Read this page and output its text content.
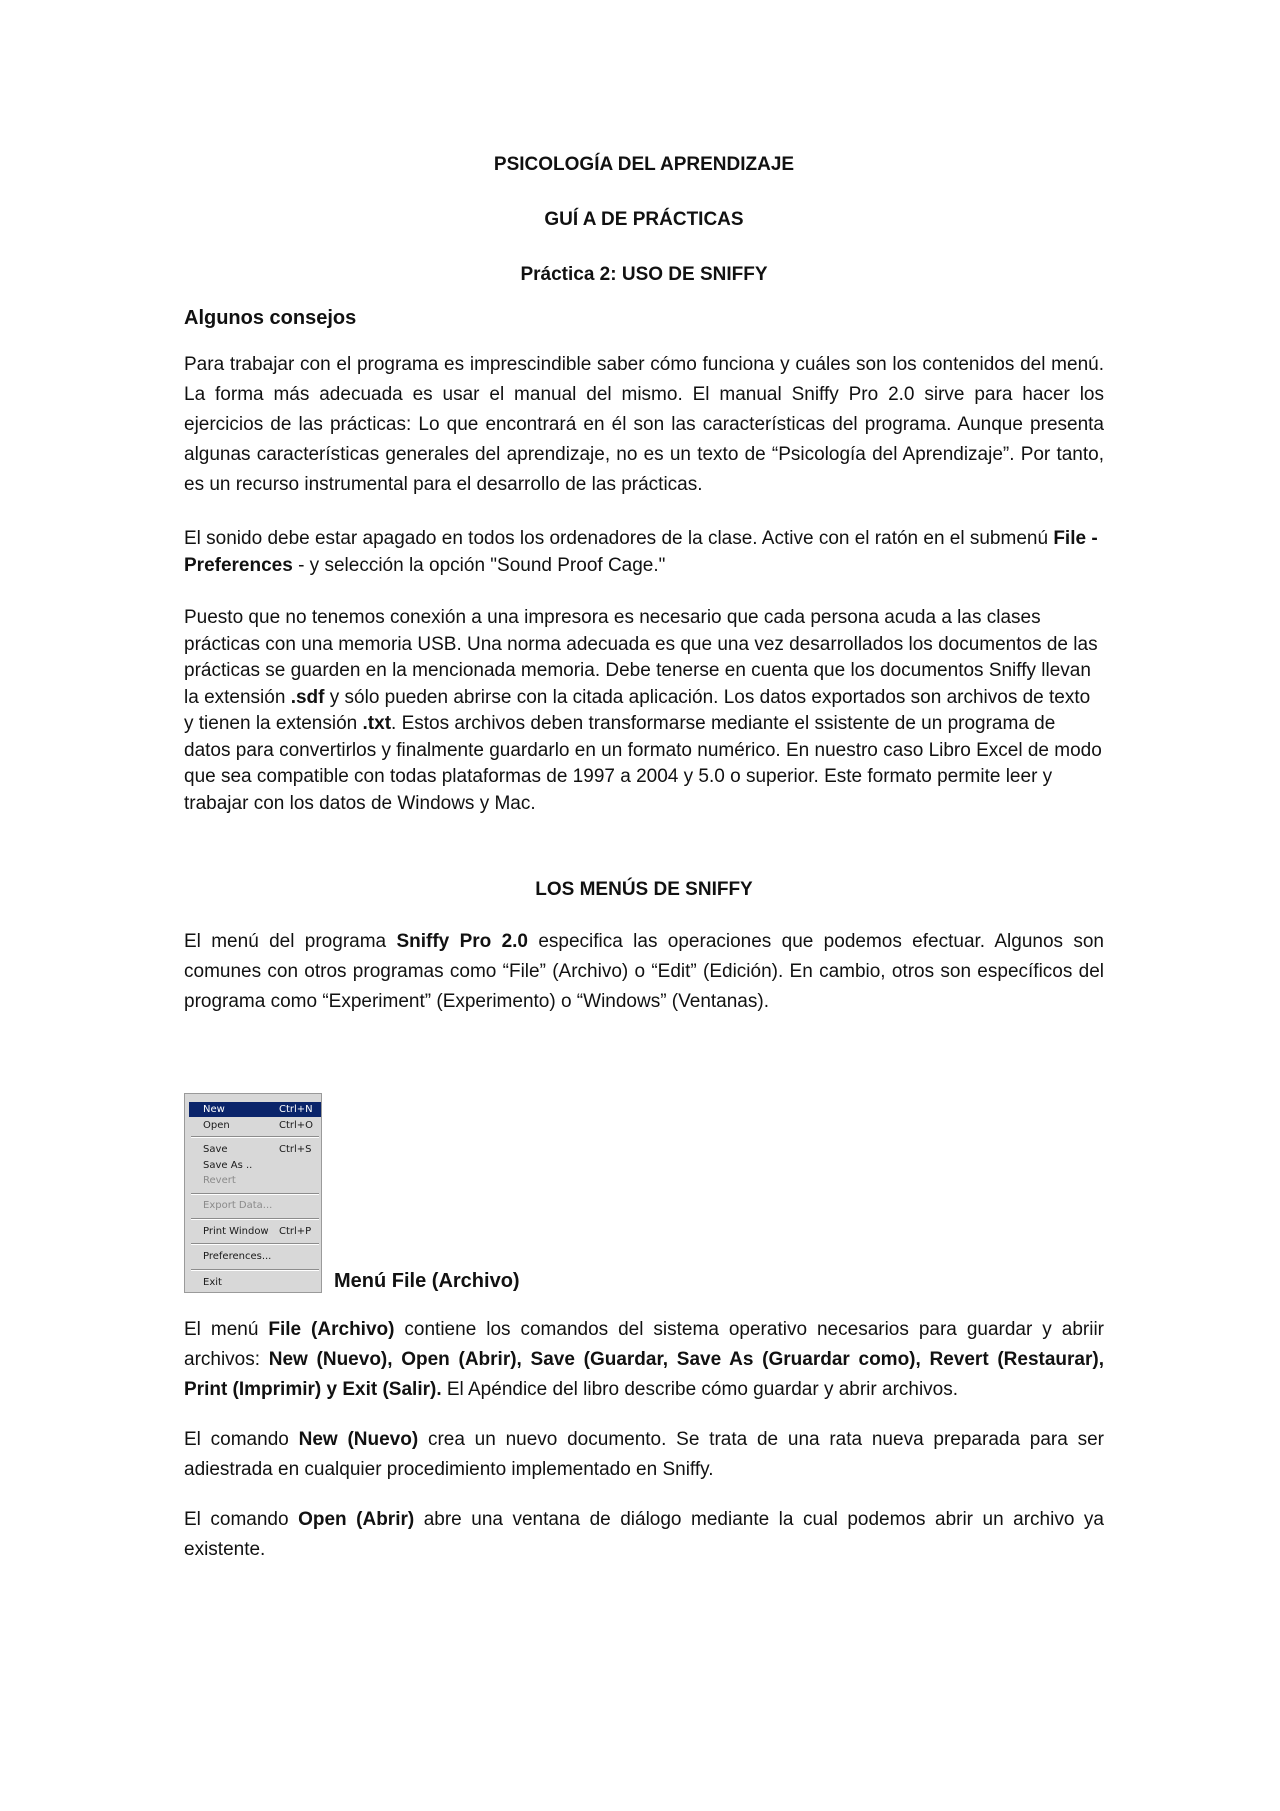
PSICOLOGÍA DEL APRENDIZAJE

GUÍ A DE PRÁCTICAS

Práctica 2: USO DE SNIFFY

Algunos consejos

Para trabajar con el programa es imprescindible saber cómo funciona y cuáles son los contenidos del menú. La forma más adecuada es usar el manual del mismo. El manual Sniffy Pro 2.0 sirve para hacer los ejercicios de las prácticas: Lo que encontrará en él son las características del programa. Aunque presenta algunas características generales del aprendizaje, no es un texto de “Psicología del Aprendizaje”. Por tanto, es un recurso instrumental para el desarrollo de las prácticas.

El sonido debe estar apagado en todos los ordenadores de la clase. Active con el ratón en el submenú File - Preferences - y selección la opción "Sound Proof Cage."

Puesto que no tenemos conexión a una impresora es necesario que cada persona acuda a las clases prácticas con una memoria USB. Una norma adecuada es que una vez desarrollados los documentos de las prácticas se guarden en la mencionada memoria. Debe tenerse en cuenta que los documentos Sniffy llevan la extensión .sdf y sólo pueden abrirse con la citada aplicación. Los datos exportados son archivos de texto y tienen la extensión .txt. Estos archivos deben transformarse mediante el ssistente de un programa de datos para convertirlos y finalmente guardarlo en un formato numérico. En nuestro caso Libro Excel de modo que sea compatible con todas plataformas de 1997 a 2004 y 5.0 o superior. Este formato permite leer y trabajar con los datos de Windows y Mac.

LOS MENÚS DE SNIFFY

El menú del programa Sniffy Pro 2.0 especifica las operaciones que podemos efectuar. Algunos son comunes con otros programas como “File” (Archivo) o “Edit” (Edición). En cambio, otros son específicos del programa como “Experiment” (Experimento) o “Windows” (Ventanas).

New	Ctrl+N
Open	Ctrl+O
Save	Ctrl+S
Save As ..
Revert
Export Data...
Print Window Ctrl+P
Preferences...
Exit	Menú File (Archivo)

El menú File (Archivo) contiene los comandos del sistema operativo necesarios para guardar y abriir archivos: New (Nuevo), Open (Abrir), Save (Guardar, Save As (Gruardar como), Revert (Restaurar), Print (Imprimir) y Exit (Salir). El Apéndice del libro describe cómo guardar y abrir archivos.

El comando New (Nuevo) crea un nuevo documento. Se trata de una rata nueva preparada para ser adiestrada en cualquier procedimiento implementado en Sniffy.

El comando Open (Abrir) abre una ventana de diálogo mediante la cual podemos abrir un archivo ya existente.
